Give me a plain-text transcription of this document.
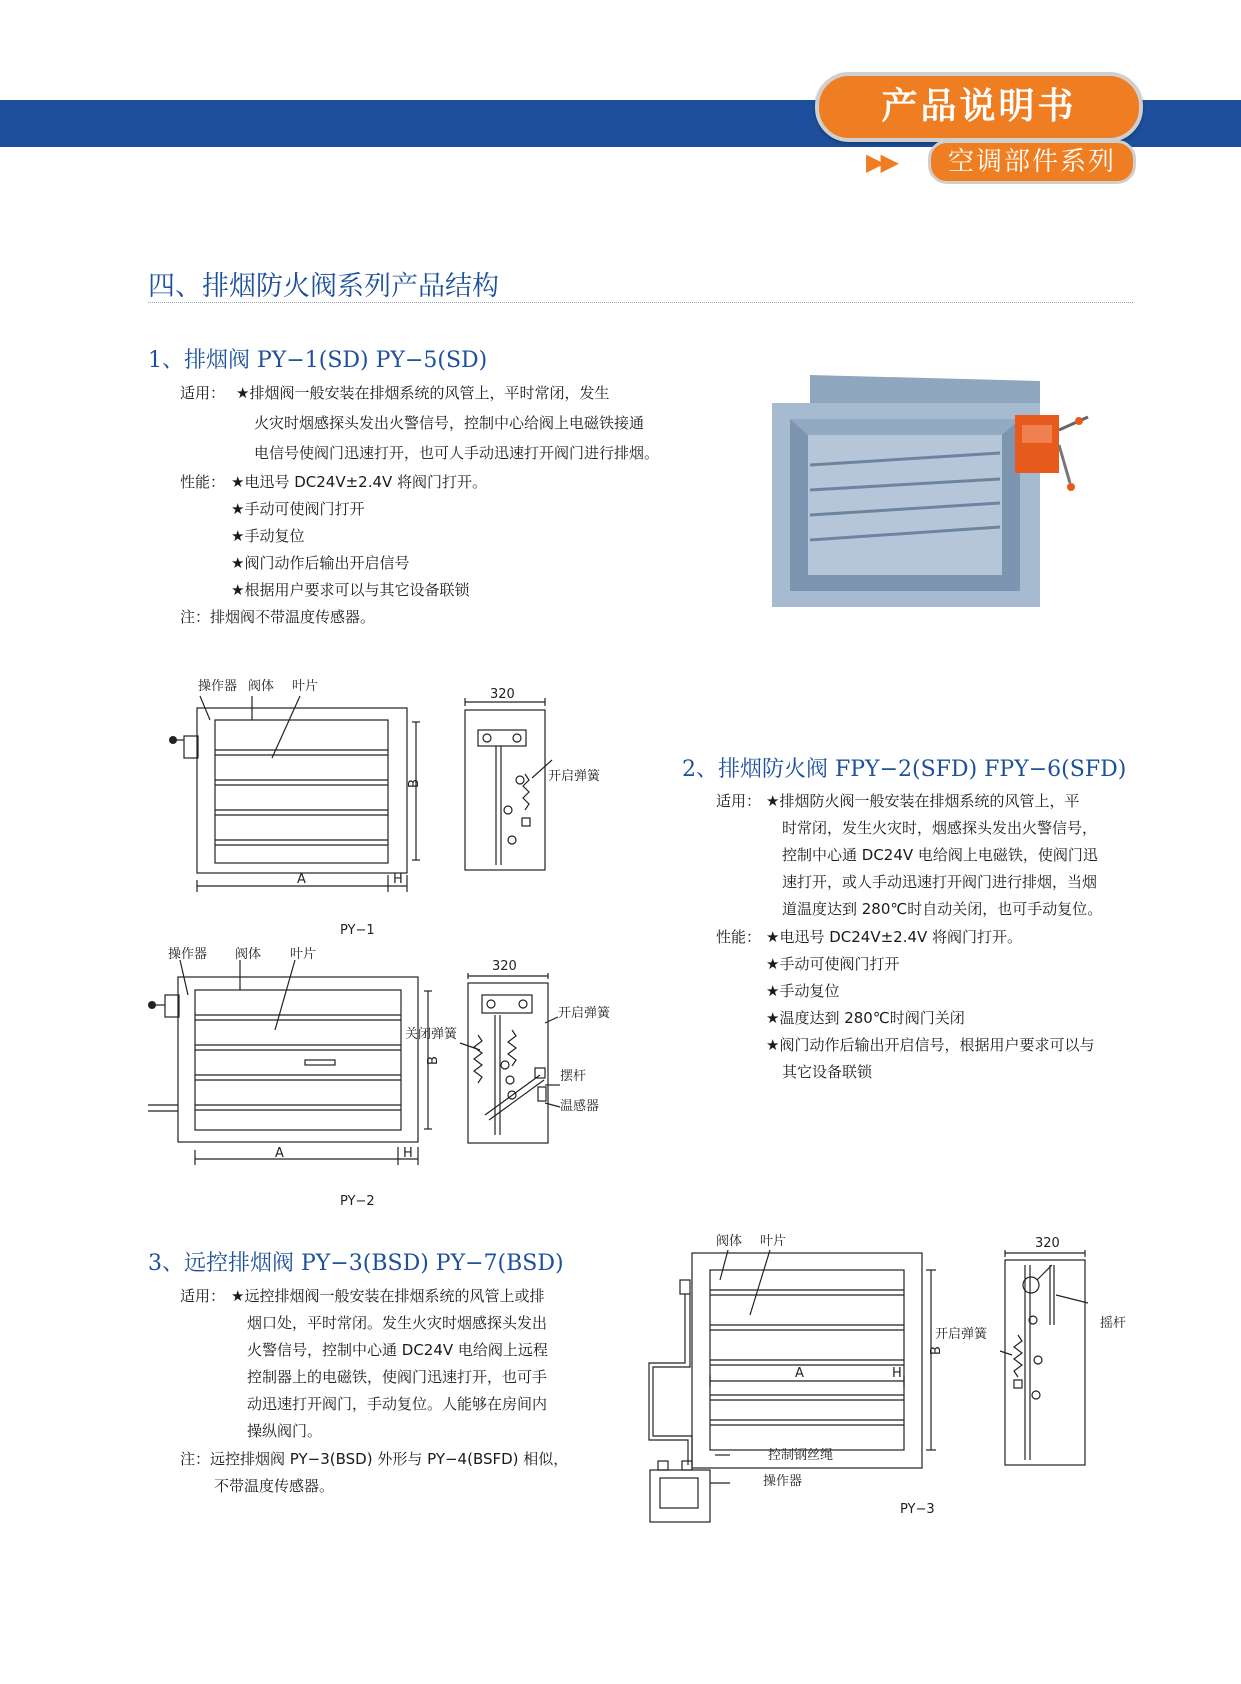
产品说明书
▶▶	空调部件系列
四、排烟防火阀系列产品结构
1、排烟阀 PY−1(SD) PY−5(SD)
适用： ★排烟阀一般安装在排烟系统的风管上，平时常闭，发生
火灾时烟感探头发出火警信号，控制中心给阀上电磁铁接通
电信号使阀门迅速打开，也可人手动迅速打开阀门进行排烟。
性能： ★电迅号 DC24V±2.4V 将阀门打开。
★手动可使阀门打开
★手动复位
★阀门动作后输出开启信号
★根据用户要求可以与其它设备联锁
注：排烟阀不带温度传感器。
操作器 阀体 叶片
B
A	H
320
开启弹簧
PY−1
2、排烟防火阀 FPY−2(SFD) FPY−6(SFD)
适用： ★排烟防火阀一般安装在排烟系统的风管上，平
时常闭，发生火灾时，烟感探头发出火警信号，
控制中心通 DC24V 电给阀上电磁铁，使阀门迅
速打开，或人手动迅速打开阀门进行排烟，当烟
道温度达到 280℃时自动关闭，也可手动复位。
性能： ★电迅号 DC24V±2.4V 将阀门打开。
★手动可使阀门打开
★手动复位
★温度达到 280℃时阀门关闭
★阀门动作后输出开启信号，根据用户要求可以与
其它设备联锁
操作器 阀体 叶片
B
A	H
320
开启弹簧
关闭弹簧
摆杆
温感器
PY−2
3、远控排烟阀 PY−3(BSD) PY−7(BSD)
适用： ★远控排烟阀一般安装在排烟系统的风管上或排
烟口处，平时常闭。发生火灾时烟感探头发出
火警信号，控制中心通 DC24V 电给阀上远程
控制器上的电磁铁，使阀门迅速打开，也可手
动迅速打开阀门，手动复位。人能够在房间内
操纵阀门。
注：远控排烟阀 PY−3(BSD) 外形与 PY−4(BSFD) 相似，
不带温度传感器。
阀体 叶片
B
A	H
320
开启弹簧
摇杆
控制钢丝绳
操作器
PY−3
